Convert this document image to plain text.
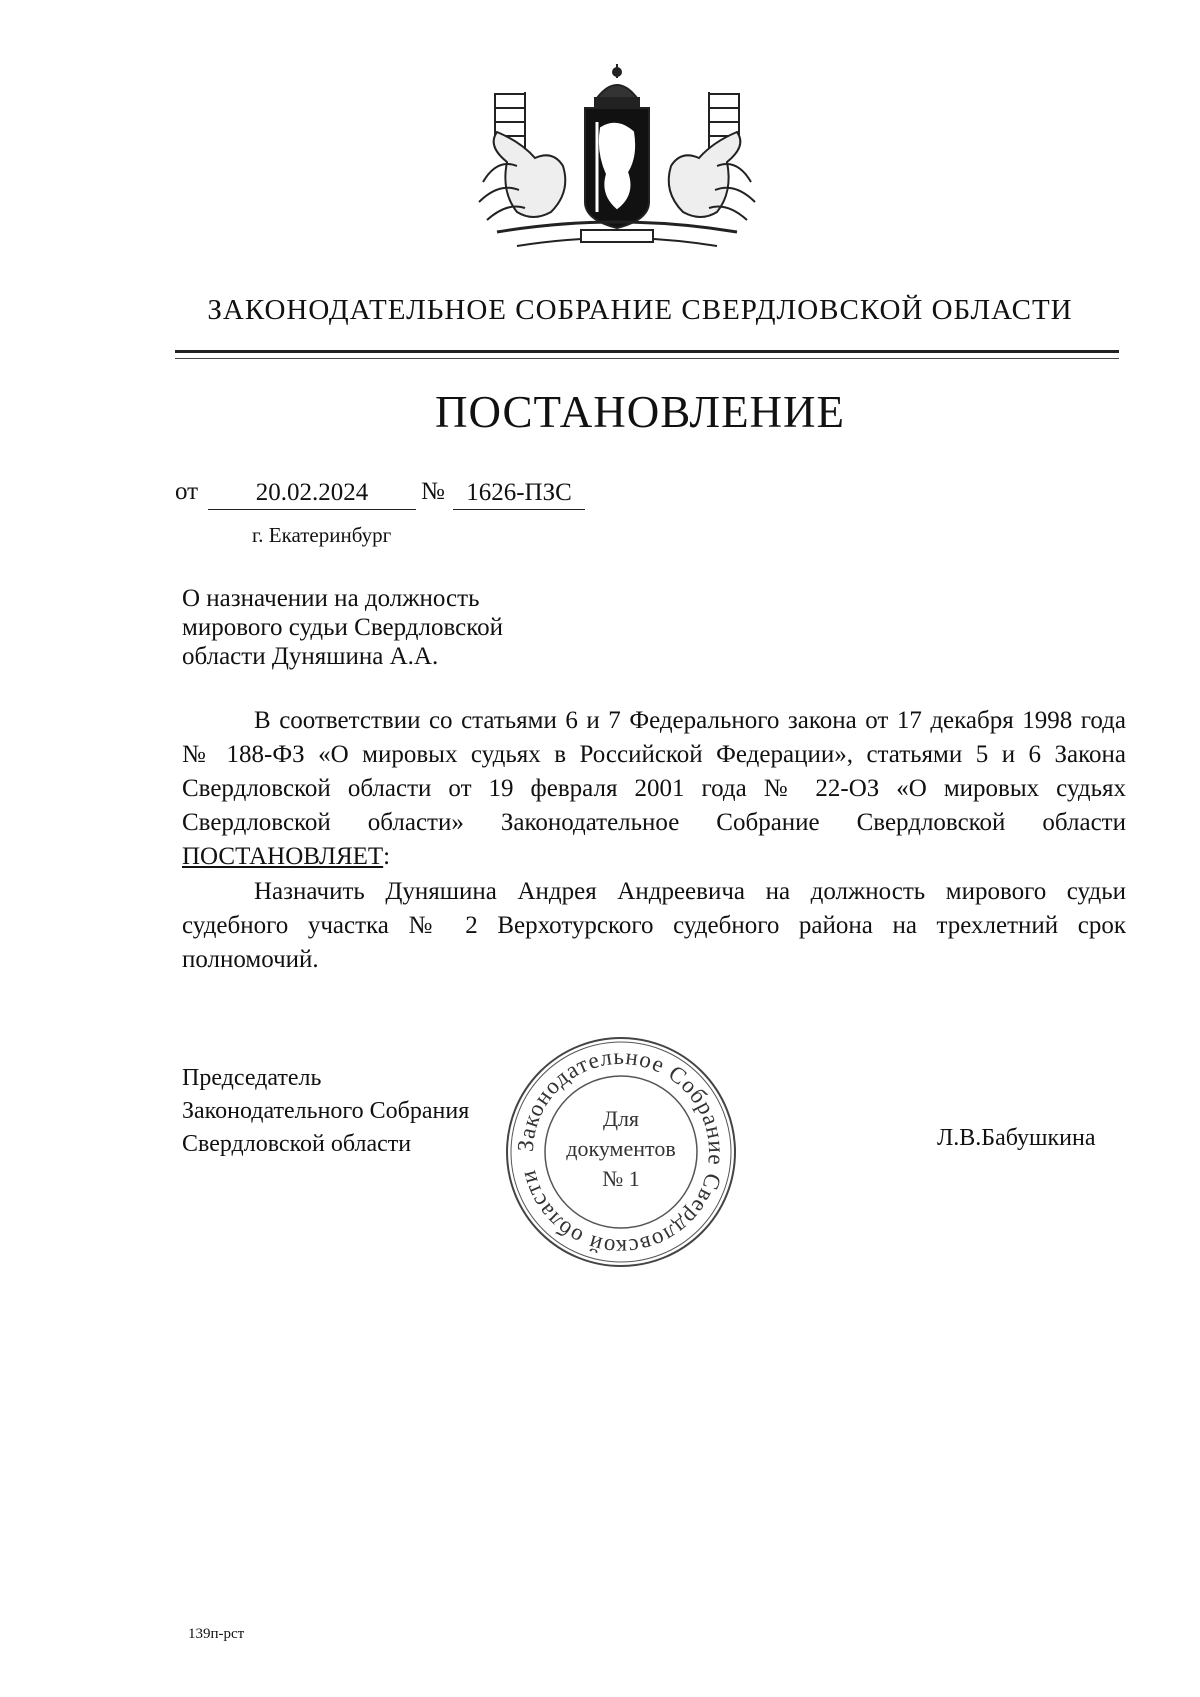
ЗАКОНОДАТЕЛЬНОЕ СОБРАНИЕ СВЕРДЛОВСКОЙ ОБЛАСТИ
ПОСТАНОВЛЕНИЕ
от	20.02.2024	№ 1626-ПЗС
г. Екатеринбург
О назначении на должность
мирового судьи Свердловской
области Дуняшина А.А.
В соответствии со статьями 6 и 7 Федерального закона от 17 декабря 1998 года № 188-ФЗ «О мировых судьях в Российской Федерации», статьями 5 и 6 Закона Свердловской области от 19 февраля 2001 года № 22-ОЗ «О мировых судьях Свердловской области» Законодательное Собрание Свердловской области ПОСТАНОВЛЯЕТ:
Назначить Дуняшина Андрея Андреевича на должность мирового судьи судебного участка № 2 Верхотурского судебного района на трехлетний срок полномочий.
Председатель
Законодательного Собрания
Свердловской области	Л.В.Бабушкина
Законодательное Собрание Свердловской области
Для
документов
№ 1
139п-рст
